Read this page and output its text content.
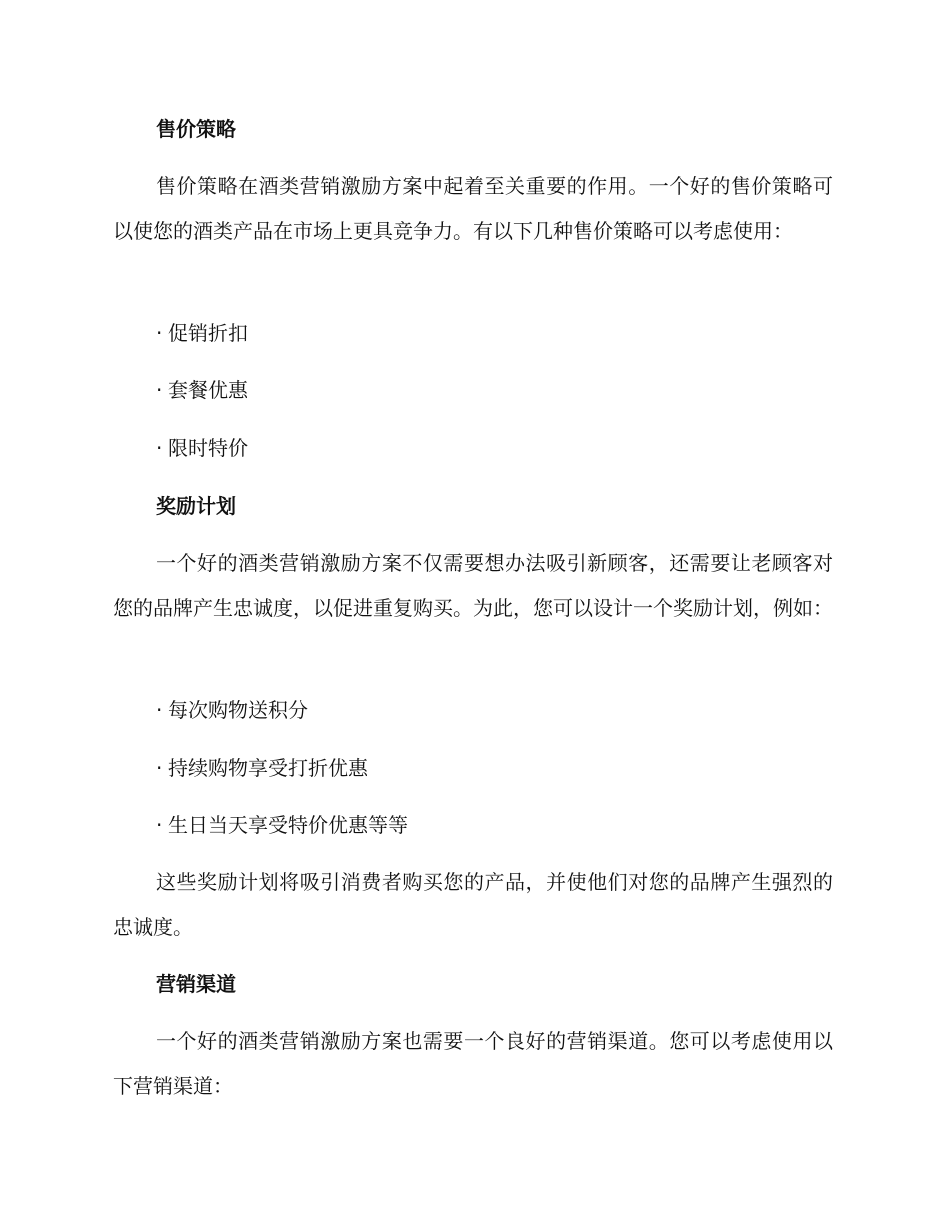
售价策略

售价策略在酒类营销激励方案中起着至关重要的作用。一个好的售价策略可以使您的酒类产品在市场上更具竞争力。有以下几种售价策略可以考虑使用：

· 促销折扣

· 套餐优惠

· 限时特价

奖励计划

一个好的酒类营销激励方案不仅需要想办法吸引新顾客，还需要让老顾客对您的品牌产生忠诚度，以促进重复购买。为此，您可以设计一个奖励计划，例如：

· 每次购物送积分

· 持续购物享受打折优惠

· 生日当天享受特价优惠等等

这些奖励计划将吸引消费者购买您的产品，并使他们对您的品牌产生强烈的忠诚度。

营销渠道

一个好的酒类营销激励方案也需要一个良好的营销渠道。您可以考虑使用以下营销渠道：
